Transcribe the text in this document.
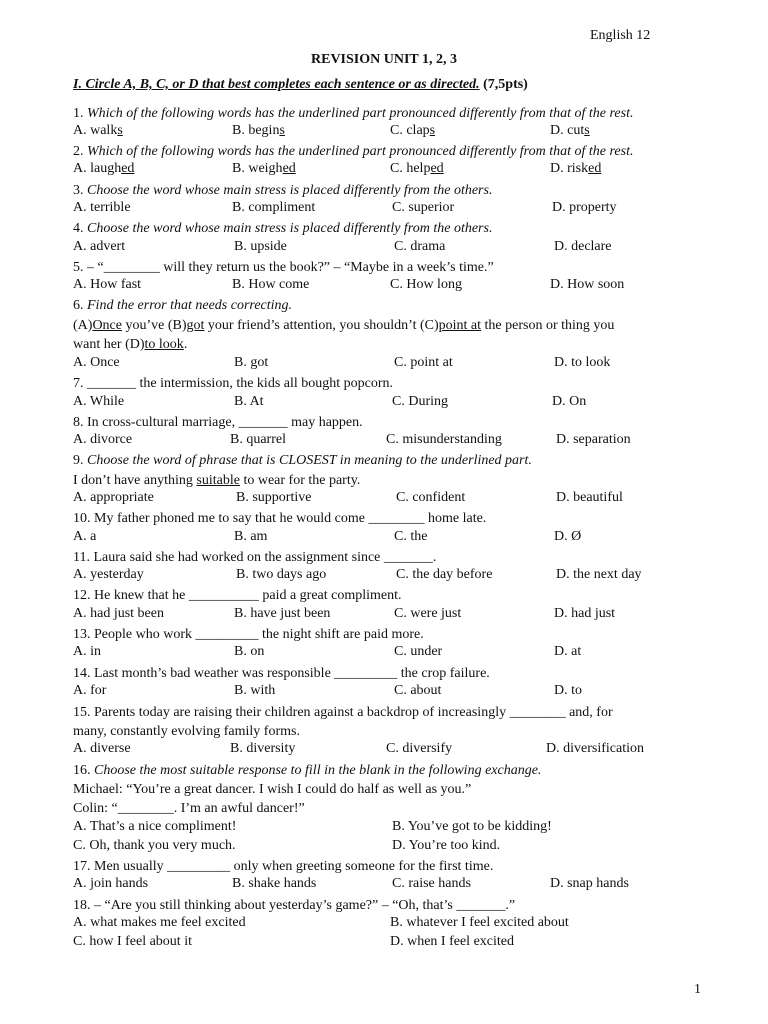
English 12
REVISION UNIT 1, 2, 3
I. Circle A, B, C, or D that best completes each sentence or as directed. (7,5pts)
1. Which of the following words has the underlined part pronounced differently from that of the rest.
A. walks	B. begins	C. claps	D. cuts
2. Which of the following words has the underlined part pronounced differently from that of the rest.
A. laughed	B. weighed	C. helped	D. risked
3. Choose the word whose main stress is placed differently from the others.
A. terrible	B. compliment	C. superior	D. property
4. Choose the word whose main stress is placed differently from the others.
A. advert	B. upside	C. drama	D. declare
5. – “________ will they return us the book?” – “Maybe in a week’s time.”
A. How fast	B. How come	C. How long	D. How soon
6. Find the error that needs correcting.
(A)Once you’ve (B)got your friend’s attention, you shouldn’t (C)point at the person or thing you
want her (D)to look.
A. Once	B. got	C. point at	D. to look
7. _______ the intermission, the kids all bought popcorn.
A. While	B. At	C. During	D. On
8. In cross-cultural marriage, _______ may happen.
A. divorce	B. quarrel	C. misunderstanding	D. separation
9. Choose the word of phrase that is CLOSEST in meaning to the underlined part.
I don’t have anything suitable to wear for the party.
A. appropriate	B. supportive	C. confident	D. beautiful
10. My father phoned me to say that he would come ________ home late.
A. a	B. am	C. the	D. Ø
11. Laura said she had worked on the assignment since _______.
A. yesterday	B. two days ago	C. the day before	D. the next day
12. He knew that he __________ paid a great compliment.
A. had just been	B. have just been	C. were just	D. had just
13. People who work _________ the night shift are paid more.
A. in	B. on	C. under	D. at
14. Last month’s bad weather was responsible _________ the crop failure.
A. for	B. with	C. about	D. to
15. Parents today are raising their children against a backdrop of increasingly ________ and, for
many, constantly evolving family forms.
A. diverse	B. diversity	C. diversify	D. diversification
16. Choose the most suitable response to fill in the blank in the following exchange.
Michael: “You’re a great dancer. I wish I could do half as well as you.”
Colin: “________. I’m an awful dancer!”
A. That’s a nice compliment!	B. You’ve got to be kidding!
C. Oh, thank you very much.	D. You’re too kind.
17. Men usually _________ only when greeting someone for the first time.
A. join hands	B. shake hands	C. raise hands	D. snap hands
18. – “Are you still thinking about yesterday’s game?” – “Oh, that’s _______.”
A. what makes me feel excited	B. whatever I feel excited about
C. how I feel about it	D. when I feel excited
1
